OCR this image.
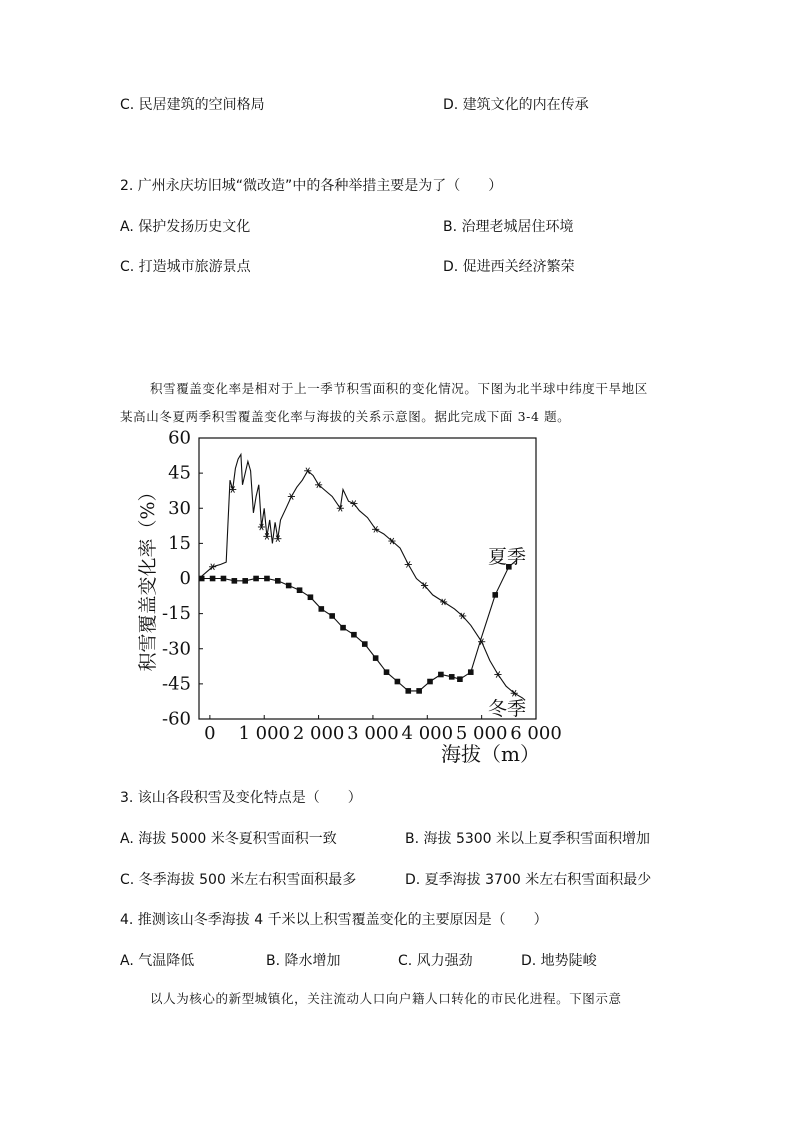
C. 民居建筑的空间格局	D. 建筑文化的内在传承
2. 广州永庆坊旧城“微改造”中的各种举措主要是为了（　　）
A. 保护发扬历史文化	B. 治理老城居住环境
C. 打造城市旅游景点	D. 促进西关经济繁荣
积雪覆盖变化率是相对于上一季节积雪面积的变化情况。下图为北半球中纬度干旱地区
某高山冬夏两季积雪覆盖变化率与海拔的关系示意图。据此完成下面 3-4 题。
60
45
30
15
0
-15
-30
-45
-60
0 1 000 2 000 3 000 4 000 5 000 6 000
积雪覆盖变化率（%）
海拔（m）
夏季
冬季
3. 该山各段积雪及变化特点是（　　）
A. 海拔 5000 米冬夏积雪面积一致	B. 海拔 5300 米以上夏季积雪面积增加
C. 冬季海拔 500 米左右积雪面积最多	D. 夏季海拔 3700 米左右积雪面积最少
4. 推测该山冬季海拔 4 千米以上积雪覆盖变化的主要原因是（　　）
A. 气温降低	B. 降水增加	C. 风力强劲	D. 地势陡峻
以人为核心的新型城镇化，关注流动人口向户籍人口转化的市民化进程。下图示意
